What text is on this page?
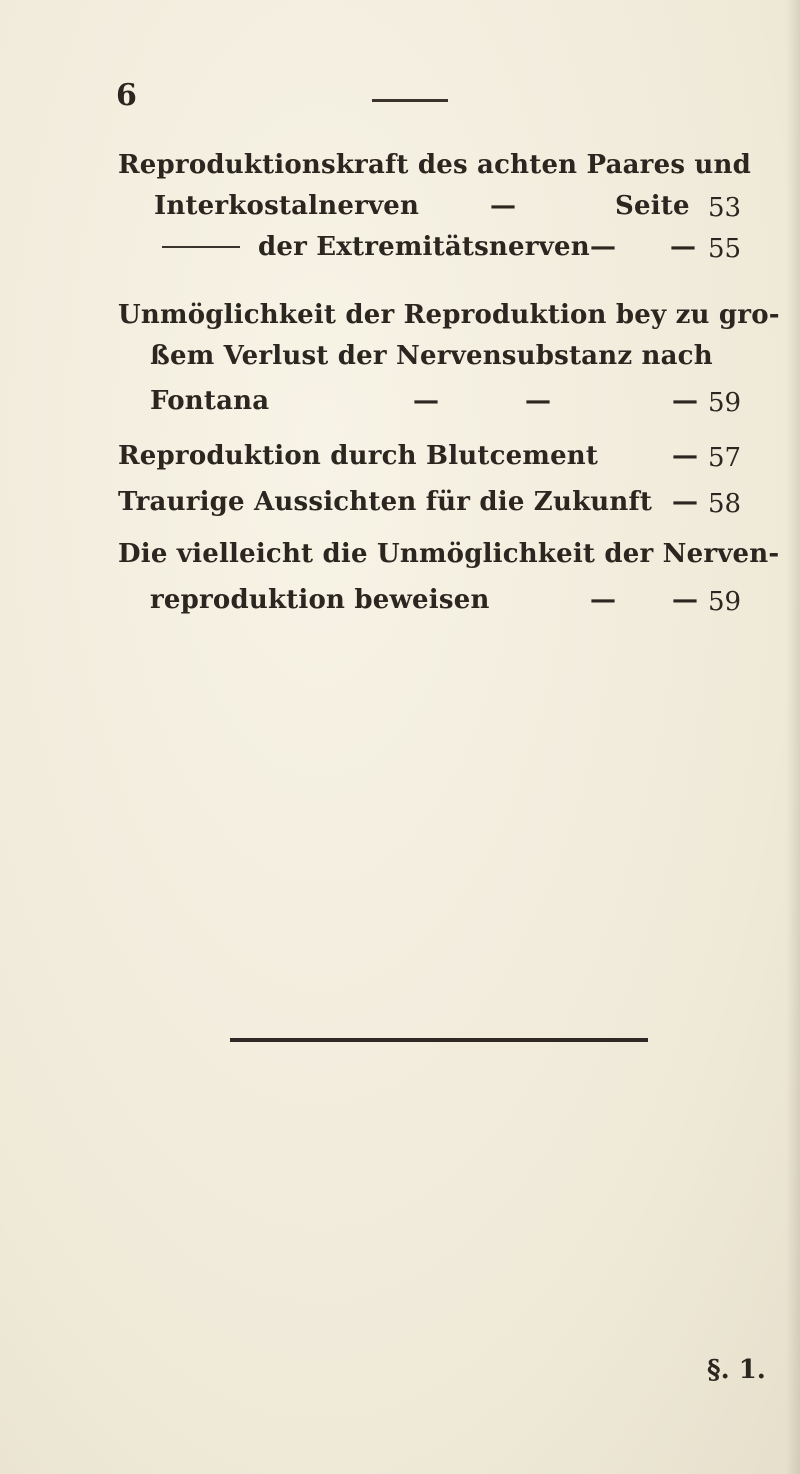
6
Reproduktionskraft des achten Paares und
Interkostalnerven	—	Seite 53
der Extremitätsnerven — — 55
Unmöglichkeit der Reproduktion bey zu gro-
ßem Verlust der Nervensubstanz nach
Fontana	—	—	— 59
Reproduktion durch Blutcement	— 57
Traurige Aussichten für die Zukunft — 58
Die vielleicht die Unmöglichkeit der Nerven-
reproduktion beweisen	— — 59
§. 1.
